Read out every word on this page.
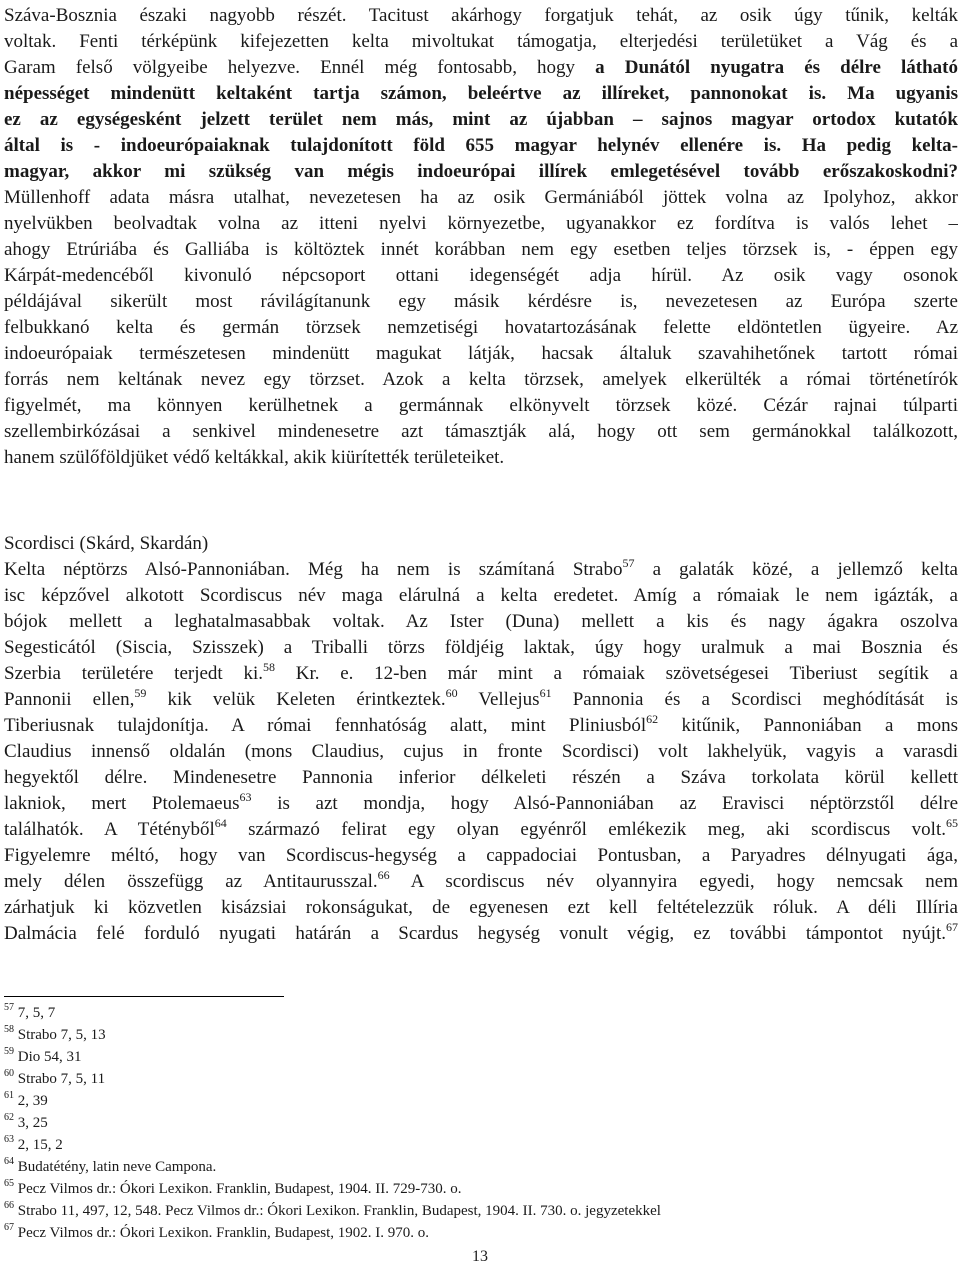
Száva-Bosznia északi nagyobb részét. Tacitust akárhogy forgatjuk tehát, az osik úgy tűnik, kelták
voltak. Fenti térképünk kifejezetten kelta mivoltukat támogatja, elterjedési területüket a Vág és a
Garam felső völgyeibe helyezve. Ennél még fontosabb, hogy a Dunától nyugatra és délre látható
népességet mindenütt keltaként tartja számon, beleértve az illíreket, pannonokat is. Ma ugyanis
ez az egységesként jelzett terület nem más, mint az újabban – sajnos magyar ortodox kutatók
által is - indoeurópaiaknak tulajdonított föld 655 magyar helynév ellenére is. Ha pedig kelta-
magyar, akkor mi szükség van mégis indoeurópai illírek emlegetésével tovább erőszakoskodni?
Müllenhoff adata másra utalhat, nevezetesen ha az osik Germániából jöttek volna az Ipolyhoz, akkor
nyelvükben beolvadtak volna az itteni nyelvi környezetbe, ugyanakkor ez fordítva is valós lehet –
ahogy Etrúriába és Galliába is költöztek innét korábban nem egy esetben teljes törzsek is, - éppen egy
Kárpát-medencéből kivonuló népcsoport ottani idegenségét adja hírül. Az osik vagy osonok
példájával sikerült most rávilágítanunk egy másik kérdésre is, nevezetesen az Európa szerte
felbukkanó kelta és germán törzsek nemzetiségi hovatartozásának felette eldöntetlen ügyeire. Az
indoeurópaiak természetesen mindenütt magukat látják, hacsak általuk szavahihetőnek tartott római
forrás nem keltának nevez egy törzset. Azok a kelta törzsek, amelyek elkerülték a római történetírók
figyelmét, ma könnyen kerülhetnek a germánnak elkönyvelt törzsek közé. Cézár rajnai túlparti
szellembirkózásai a senkivel mindenesetre azt támasztják alá, hogy ott sem germánokkal találkozott,
hanem szülőföldjüket védő keltákkal, akik kiürítették területeiket.
Scordisci (Skárd, Skardán)
Kelta néptörzs Alsó-Pannoniában. Még ha nem is számítaná Strabo$^{57}$ a galaták közé, a jellemző kelta
isc képzővel alkotott Scordiscus név maga elárulná a kelta eredetet. Amíg a rómaiak le nem igázták, a
bójok mellett a leghatalmasabbak voltak. Az Ister (Duna) mellett a kis és nagy ágakra oszolva
Segesticától (Siscia, Szisszek) a Triballi törzs földjéig laktak, úgy hogy uralmuk a mai Bosznia és
Szerbia területére terjedt ki.$^{58}$ Kr. e. 12-ben már mint a rómaiak szövetségesei Tiberiust segítik a
Pannonii ellen,$^{59}$ kik velük Keleten érintkeztek.$^{60}$ Vellejus$^{61}$ Pannonia és a Scordisci meghódítását is
Tiberiusnak tulajdonítja. A római fennhatóság alatt, mint Pliniusból$^{62}$ kitűnik, Pannoniában a mons
Claudius innenső oldalán (mons Claudius, cujus in fronte Scordisci) volt lakhelyük, vagyis a varasdi
hegyektől délre. Mindenesetre Pannonia inferior délkeleti részén a Száva torkolata körül kellett
lakniok, mert Ptolemaeus$^{63}$ is azt mondja, hogy Alsó-Pannoniában az Eravisci néptörzstől délre
találhatók. A Tétényből$^{64}$ származó felirat egy olyan egyénről emlékezik meg, aki scordiscus volt.$^{65}$
Figyelemre méltó, hogy van Scordiscus-hegység a cappadociai Pontusban, a Paryadres délnyugati ága,
mely délen összefügg az Antitaurusszal.$^{66}$ A scordiscus név olyannyira egyedi, hogy nemcsak nem
zárhatjuk ki közvetlen kisázsiai rokonságukat, de egyenesen ezt kell feltételezzük róluk. A déli Illíria
Dalmácia felé forduló nyugati határán a Scardus hegység vonult végig, ez további támpontot nyújt.$^{67}$
$^{57}$ 7, 5, 7
$^{58}$ Strabo 7, 5, 13
$^{59}$ Dio 54, 31
$^{60}$ Strabo 7, 5, 11
$^{61}$ 2, 39
$^{62}$ 3, 25
$^{63}$ 2, 15, 2
$^{64}$ Budatétény, latin neve Campona.
$^{65}$ Pecz Vilmos dr.: Ókori Lexikon. Franklin, Budapest, 1904. II. 729-730. o.
$^{66}$ Strabo 11, 497, 12, 548. Pecz Vilmos dr.: Ókori Lexikon. Franklin, Budapest, 1904. II. 730. o. jegyzetekkel
$^{67}$ Pecz Vilmos dr.: Ókori Lexikon. Franklin, Budapest, 1902. I. 970. o.
13
